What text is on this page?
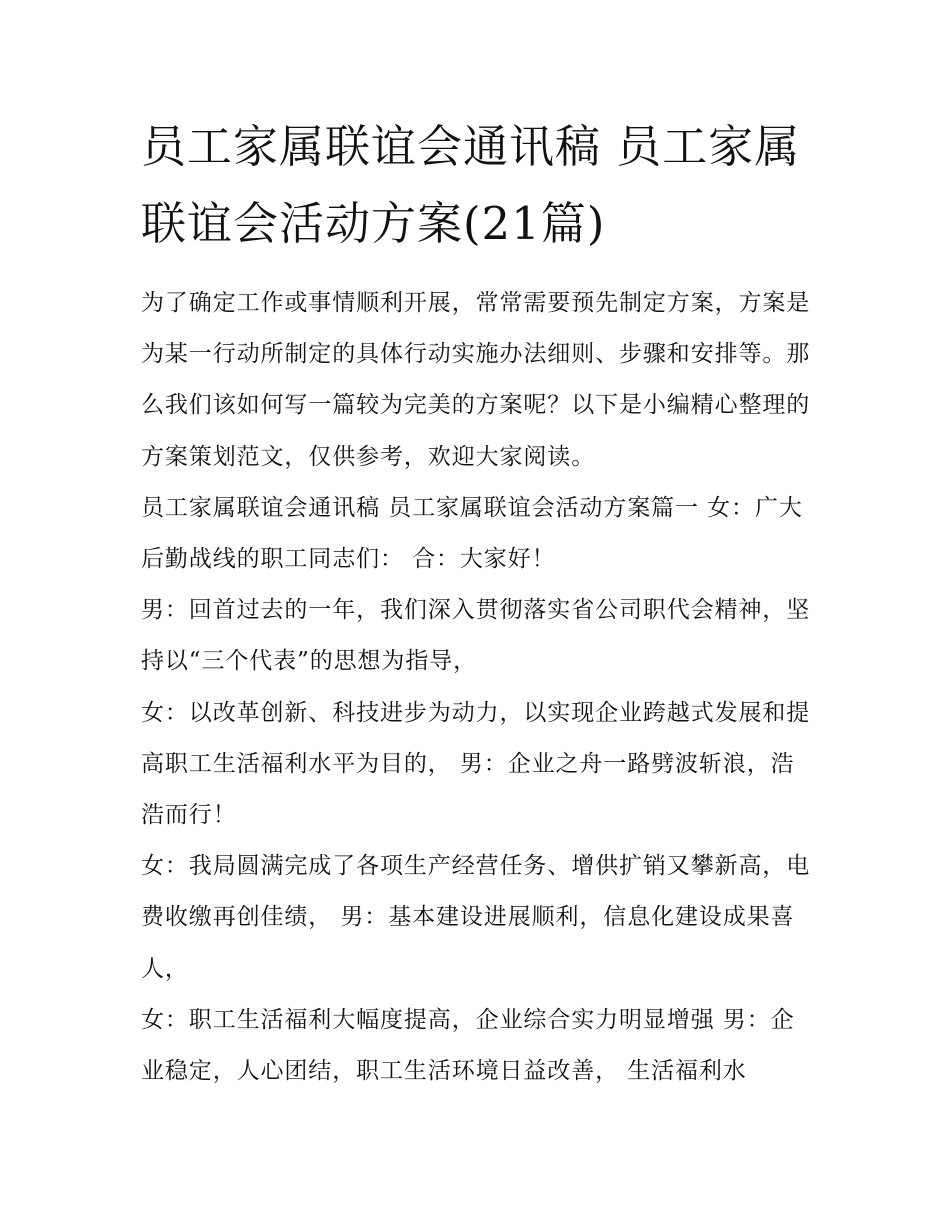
员工家属联谊会通讯稿 员工家属联谊会活动方案(21篇)

为了确定工作或事情顺利开展，常常需要预先制定方案，方案是为某一行动所制定的具体行动实施办法细则、步骤和安排等。那么我们该如何写一篇较为完美的方案呢？以下是小编精心整理的方案策划范文，仅供参考，欢迎大家阅读。

员工家属联谊会通讯稿 员工家属联谊会活动方案篇一 女：广大后勤战线的职工同志们： 合：大家好！

男：回首过去的一年，我们深入贯彻落实省公司职代会精神，坚持以“三个代表”的思想为指导，

女：以改革创新、科技进步为动力，以实现企业跨越式发展和提高职工生活福利水平为目的， 男：企业之舟一路劈波斩浪，浩浩而行！

女：我局圆满完成了各项生产经营任务、增供扩销又攀新高，电费收缴再创佳绩， 男：基本建设进展顺利，信息化建设成果喜人，

女：职工生活福利大幅度提高，企业综合实力明显增强 男：企业稳定，人心团结，职工生活环境日益改善， 生活福利水
